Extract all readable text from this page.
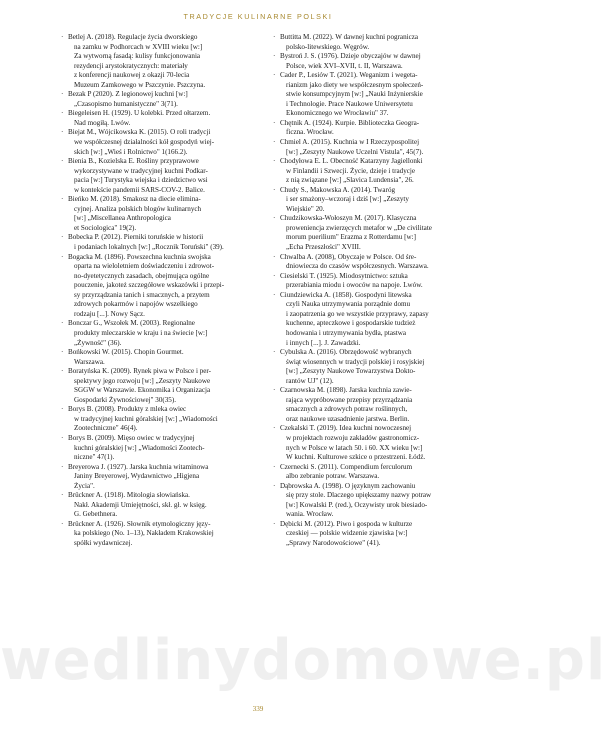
TRADYCJE KULINARNE POLSKI
· Betlej A. (2018). Regulacje życia dworskiego
na zamku w Podhorcach w XVIII wieku [w:]
Za wytworną fasadą: kulisy funkcjonowania
rezydencji arystokratycznych: materiały
z konferencji naukowej z okazji 70-lecia
Muzeum Zamkowego w Pszczynie. Pszczyna.
· Bezak P (2020). Z legionowej kuchni [w:]
„Czasopismo humanistyczne" 3(71).
· Biegeleisen H. (1929). U kolebki. Przed ołtarzem.
Nad mogiłą. Lwów.
· Biejat M., Wójcikowska K. (2015). O roli tradycji
we współczesnej działalności kół gospodyń wiej-
skich [w:] „Wieś i Rolnictwo" 1(166.2).
· Bienia B., Kozielska E. Rośliny przyprawowe
wykorzystywane w tradycyjnej kuchni Podkar-
pacia [w:] Turystyka wiejska i dziedzictwo wsi
w kontekście pandemii SARS-COV-2. Balice.
· Bieńko M. (2018). Smakosz na diecie elimina-
cyjnej. Analiza polskich blogów kulinarnych
[w:] „Miscellanea Anthropologica
et Sociologica" 19(2).
· Bobecka P. (2012). Pierniki toruńskie w historii
i podaniach lokalnych [w:] „Rocznik Toruński" (39).
· Bogacka M. (1896). Powszechna kuchnia swojska
oparta na wieloletniem doświadczeniu i zdrowot-
no-dyetetycznych zasadach, obejmująca ogólne
pouczenie, jakoteż szczegółowe wskazówki i przepi-
sy przyrządzania tanich i smacznych, a przytem
zdrowych pokarmów i napojów wszelkiego
rodzaju [...]. Nowy Sącz.
· Bonczar G., Wszołek M. (2003). Regionalne
produkty mleczarskie w kraju i na świecie [w:]
„Żywność" (36).
· Bońkowski W. (2015). Chopin Gourmet.
Warszawa.
· Boratyńska K. (2009). Rynek piwa w Polsce i per-
spektywy jego rozwoju [w:] „Zeszyty Naukowe
SGGW w Warszawie. Ekonomika i Organizacja
Gospodarki Żywnościowej" 30(35).
· Borys B. (2008). Produkty z mleka owiec
w tradycyjnej kuchni góralskiej [w:] „Wiadomości
Zootechniczne" 46(4).
· Borys B. (2009). Mięso owiec w tradycyjnej
kuchni góralskiej [w:] „Wiadomości Zootech-
niczne" 47(1).
· Breyerowa J. (1927). Jarska kuchnia witaminowa
Janiny Breyerowej, Wydawnictwo „Higjena
Życia".
· Brückner A. (1918). Mitologia słowiańska.
Nakł. Akademji Umiejętności, skł. gł. w księg.
G. Gebethnera.
· Brückner A. (1926). Słownik etymologiczny języ-
ka polskiego (No. 1–13), Nakładem Krakowskiej
spółki wydawniczej.
· Buttitta M. (2022). W dawnej kuchni pogranicza
polsko-litewskiego. Węgrów.
· Bystroń J. S. (1976). Dzieje obyczajów w dawnej
Polsce, wiek XVI–XVII, t. II, Warszawa.
· Cader P., Lesiów T. (2021). Weganizm i wegeta-
rianizm jako diety we współczesnym społeczeń-
stwie konsumpcyjnym [w:] „Nauki Inżynierskie
i Technologie. Prace Naukowe Uniwersytetu
Ekonomicznego we Wrocławiu" 37.
· Chętnik A. (1924). Kurpie. Biblioteczka Geogra-
ficzna. Wrocław.
· Chmiel A. (2015). Kuchnia w I Rzeczypospolitej
[w:] „Zeszyty Naukowe Uczelni Vistula", 45(7).
· Chodyłowa E. L. Obecność Katarzyny Jagiellonki
w Finlandii i Szwecji. Życie, dzieje i tradycje
z nią związane [w:] „Slavica Lundensia", 26.
· Chudy S., Makowska A. (2014). Twaróg
i ser smażony–wczoraj i dziś [w:] „Zeszyty
Wiejskie" 20.
· Chudzikowska-Wołoszyn M. (2017). Klasyczna
proweniencja zwierzęcych metafor w „De civilitate
morum puerilium" Erazma z Rotterdamu [w:]
„Echa Przeszłości" XVIII.
· Chwalba A. (2008), Obyczaje w Polsce. Od śre-
dniowiecza do czasów współczesnych. Warszawa.
· Ciesielski T. (1925). Miodosytnictwo: sztuka
przerabiania miodu i owoców na napoje. Lwów.
· Ciundziewicka A. (1858). Gospodyni litewska
czyli Nauka utrzymywania porządnie domu
i zaopatrzenia go we wszystkie przyprawy, zapasy
kuchenne, apteczkowe i gospodarskie tudzież
hodowania i utrzymywania bydła, ptastwa
i innych [...]. J. Zawadzki.
· Cybulska A. (2016). Obrzędowość wybranych
świąt wiosennych w tradycji polskiej i rosyjskiej
[w:] „Zeszyty Naukowe Towarzystwa Dokto-
rantów UJ" (12).
· Czarnowska M. (1898). Jarska kuchnia zawie-
rająca wypróbowane przepisy przyrządzania
smacznych a zdrowych potraw roślinnych,
oraz naukowe uzasadnienie jarstwa. Berlin.
· Czekalski T. (2019). Idea kuchni nowoczesnej
w projektach rozwoju zakładów gastronomicz-
nych w Polsce w latach 50. i 60. XX wieku [w:]
W kuchni. Kulturowe szkice o przestrzeni. Łódź.
· Czernecki S. (2011). Compendium ferculorum
albo zebranie potraw. Warszawa.
· Dąbrowska A. (1998). O języknym zachowaniu
się przy stole. Dlaczego upiększamy nazwy potraw
[w:] Kowalski P. (red.), Oczywisty urok biesiado-
wania. Wrocław.
· Dębicki M. (2012). Piwo i gospoda w kulturze
czeskiej — polskie widzenie zjawiska [w:]
„Sprawy Narodowościowe" (41).
wedlinydomowe.pl
339
